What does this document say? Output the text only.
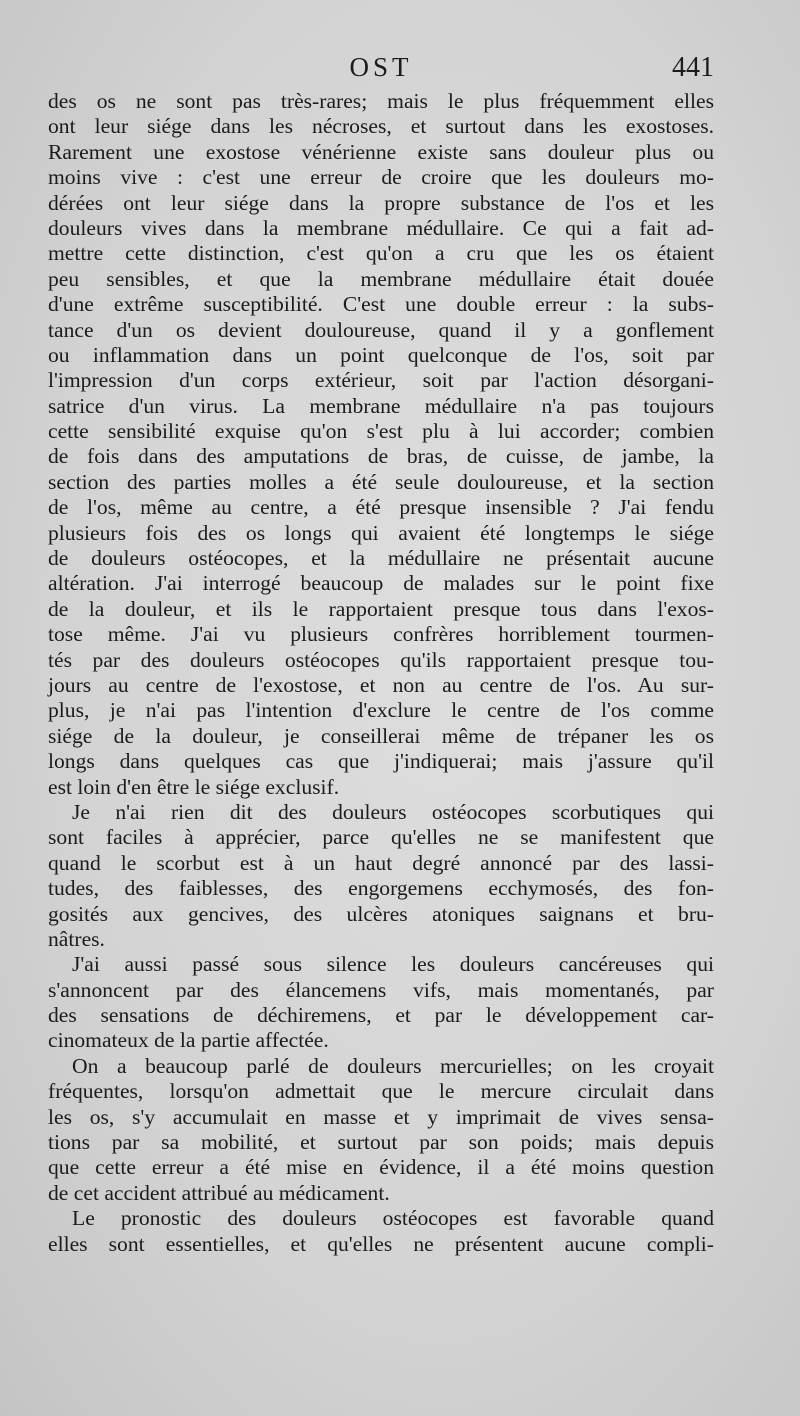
OST	441
des os ne sont pas très-rares; mais le plus fréquemment elles
ont leur siége dans les nécroses, et surtout dans les exostoses.
Rarement une exostose vénérienne existe sans douleur plus ou
moins vive : c'est une erreur de croire que les douleurs mo-
dérées ont leur siége dans la propre substance de l'os et les
douleurs vives dans la membrane médullaire. Ce qui a fait ad-
mettre cette distinction, c'est qu'on a cru que les os étaient
peu sensibles, et que la membrane médullaire était douée
d'une extrême susceptibilité. C'est une double erreur : la subs-
tance d'un os devient douloureuse, quand il y a gonflement
ou inflammation dans un point quelconque de l'os, soit par
l'impression d'un corps extérieur, soit par l'action désorgani-
satrice d'un virus. La membrane médullaire n'a pas toujours
cette sensibilité exquise qu'on s'est plu à lui accorder; combien
de fois dans des amputations de bras, de cuisse, de jambe, la
section des parties molles a été seule douloureuse, et la section
de l'os, même au centre, a été presque insensible ? J'ai fendu
plusieurs fois des os longs qui avaient été longtemps le siége
de douleurs ostéocopes, et la médullaire ne présentait aucune
altération. J'ai interrogé beaucoup de malades sur le point fixe
de la douleur, et ils le rapportaient presque tous dans l'exos-
tose même. J'ai vu plusieurs confrères horriblement tourmen-
tés par des douleurs ostéocopes qu'ils rapportaient presque tou-
jours au centre de l'exostose, et non au centre de l'os. Au sur-
plus, je n'ai pas l'intention d'exclure le centre de l'os comme
siége de la douleur, je conseillerai même de trépaner les os
longs dans quelques cas que j'indiquerai; mais j'assure qu'il
est loin d'en être le siége exclusif.
Je n'ai rien dit des douleurs ostéocopes scorbutiques qui
sont faciles à apprécier, parce qu'elles ne se manifestent que
quand le scorbut est à un haut degré annoncé par des lassi-
tudes, des faiblesses, des engorgemens ecchymosés, des fon-
gosités aux gencives, des ulcères atoniques saignans et bru-
nâtres.
J'ai aussi passé sous silence les douleurs cancéreuses qui
s'annoncent par des élancemens vifs, mais momentanés, par
des sensations de déchiremens, et par le développement car-
cinomateux de la partie affectée.
On a beaucoup parlé de douleurs mercurielles; on les croyait
fréquentes, lorsqu'on admettait que le mercure circulait dans
les os, s'y accumulait en masse et y imprimait de vives sensa-
tions par sa mobilité, et surtout par son poids; mais depuis
que cette erreur a été mise en évidence, il a été moins question
de cet accident attribué au médicament.
Le pronostic des douleurs ostéocopes est favorable quand
elles sont essentielles, et qu'elles ne présentent aucune compli-
